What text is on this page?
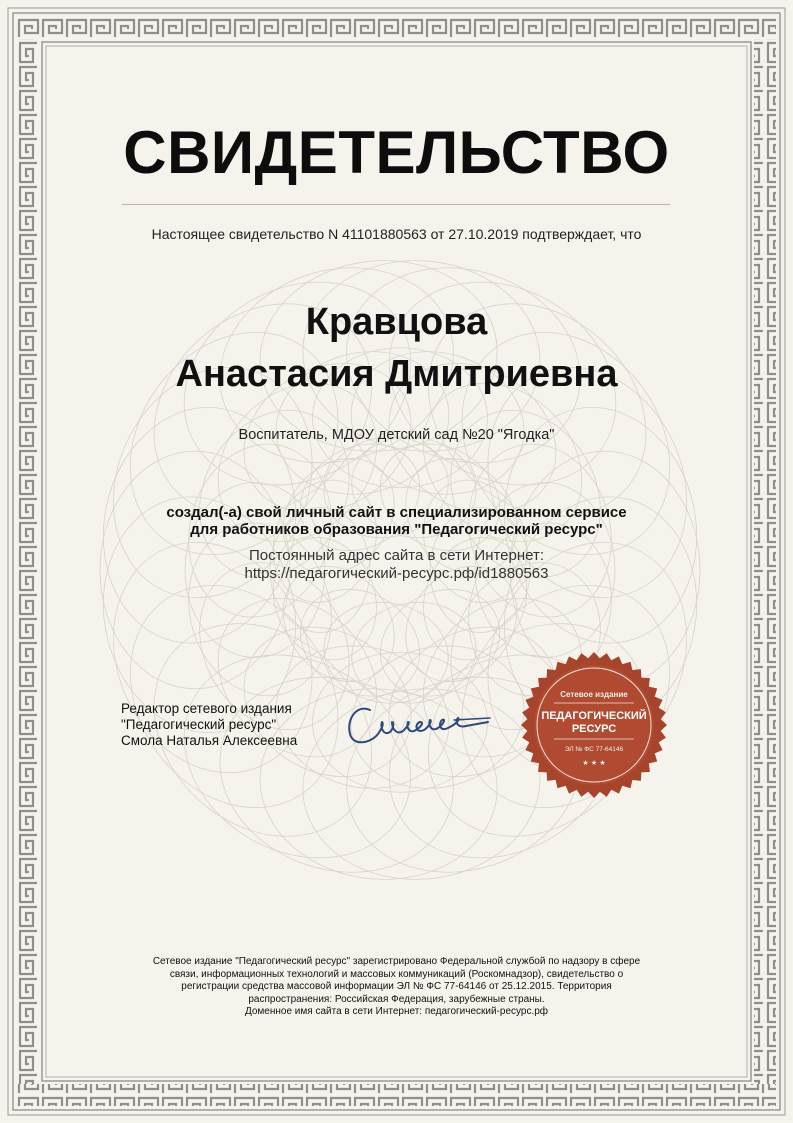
СВИДЕТЕЛЬСТВО
Настоящее свидетельство N 41101880563 от 27.10.2019 подтверждает, что
Кравцова
Анастасия Дмитриевна
Воспитатель, МДОУ детский сад №20 "Ягодка"
создал(-а) свой личный сайт в специализированном сервисе
для работников образования "Педагогический ресурс"
Постоянный адрес сайта в сети Интернет:
https://педагогический-ресурс.рф/id1880563
Редактор сетевого издания
"Педагогический ресурс"
Смола Наталья Алексеевна
Сетевое издание
ПЕДАГОГИЧЕСКИЙ
РЕСУРС
ЭЛ № ФС 77-64146
★ ★ ★
Сетевое издание "Педагогический ресурс" зарегистрировано Федеральной службой по надзору в сфере
связи, информационных технологий и массовых коммуникаций (Роскомнадзор), свидетельство о
регистрации средства массовой информации ЭЛ № ФС 77-64146 от 25.12.2015. Территория
распространения: Российская Федерация, зарубежные страны.
Доменное имя сайта в сети Интернет: педагогический-ресурс.рф
